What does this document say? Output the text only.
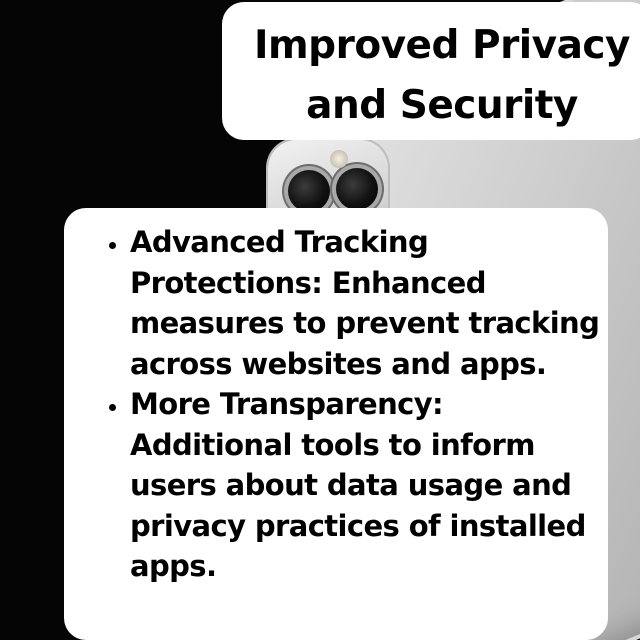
Improved Privacy
and Security
• Advanced Tracking Protections: Enhanced measures to prevent tracking across websites and apps.
• More Transparency: Additional tools to inform users about data usage and privacy practices of installed apps.
